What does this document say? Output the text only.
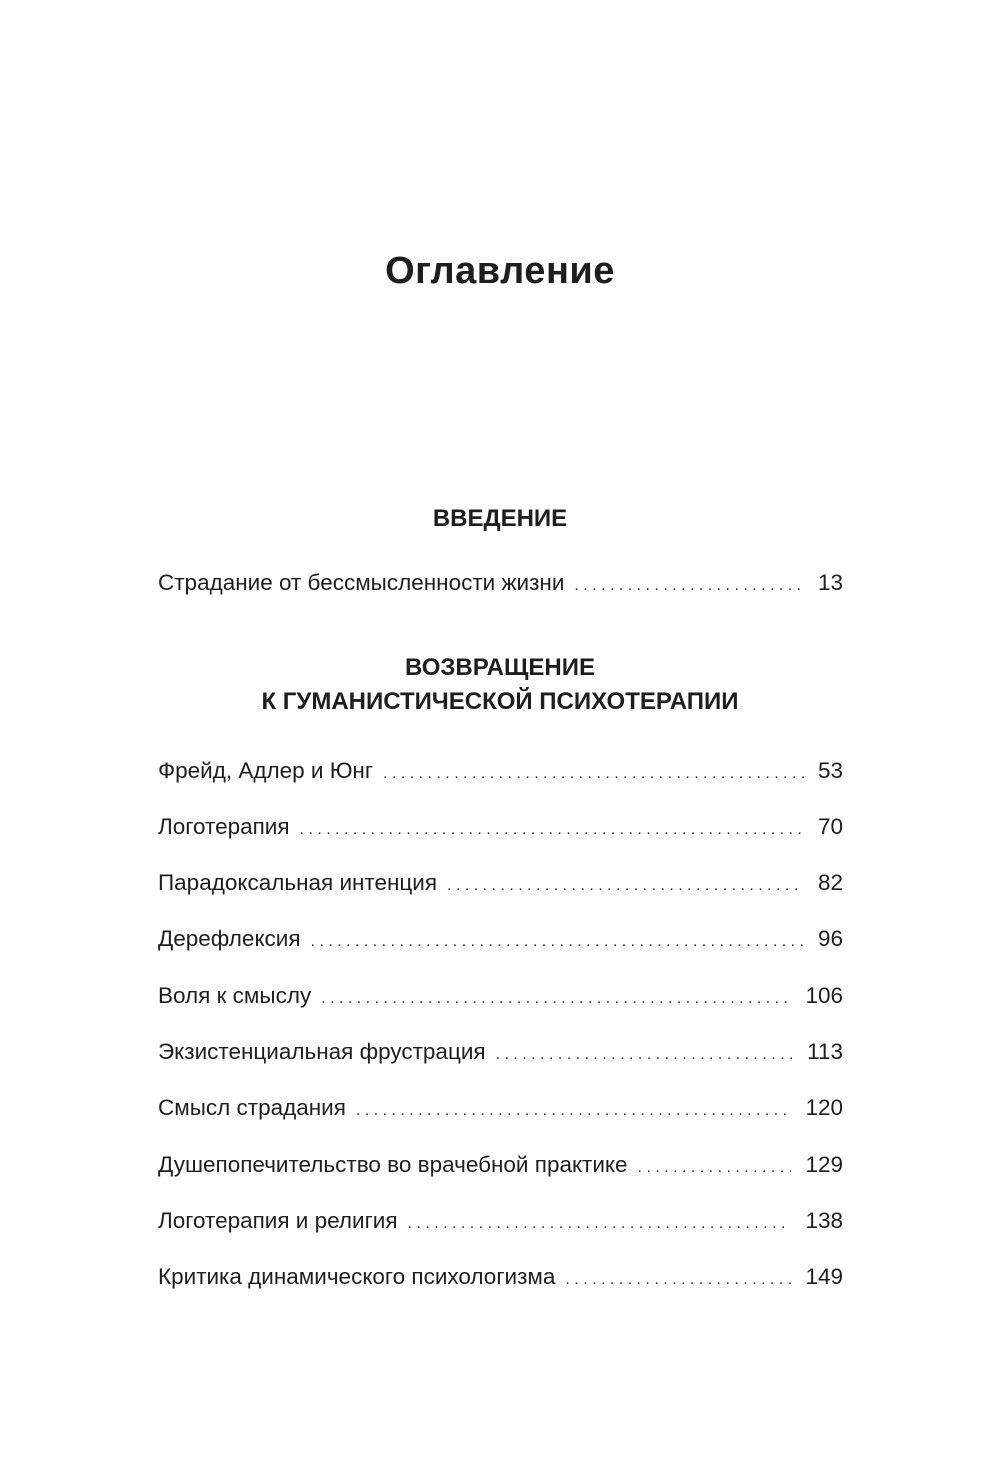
Оглавление
ВВЕДЕНИЕ
Страдание от бессмысленности жизни . . .	13
ВОЗВРАЩЕНИЕ
К ГУМАНИСТИЧЕСКОЙ ПСИХОТЕРАПИИ
Фрейд, Адлер и Юнг . . .	53
Логотерапия . . .	70
Парадоксальная интенция . . .	82
Дерефлексия . . .	96
Воля к смыслу . . .	106
Экзистенциальная фрустрация . . .	113
Смысл страдания . . .	120
Душепопечительство во врачебной практике . . .	129
Логотерапия и религия . . .	138
Критика динамического психологизма . . .	149
